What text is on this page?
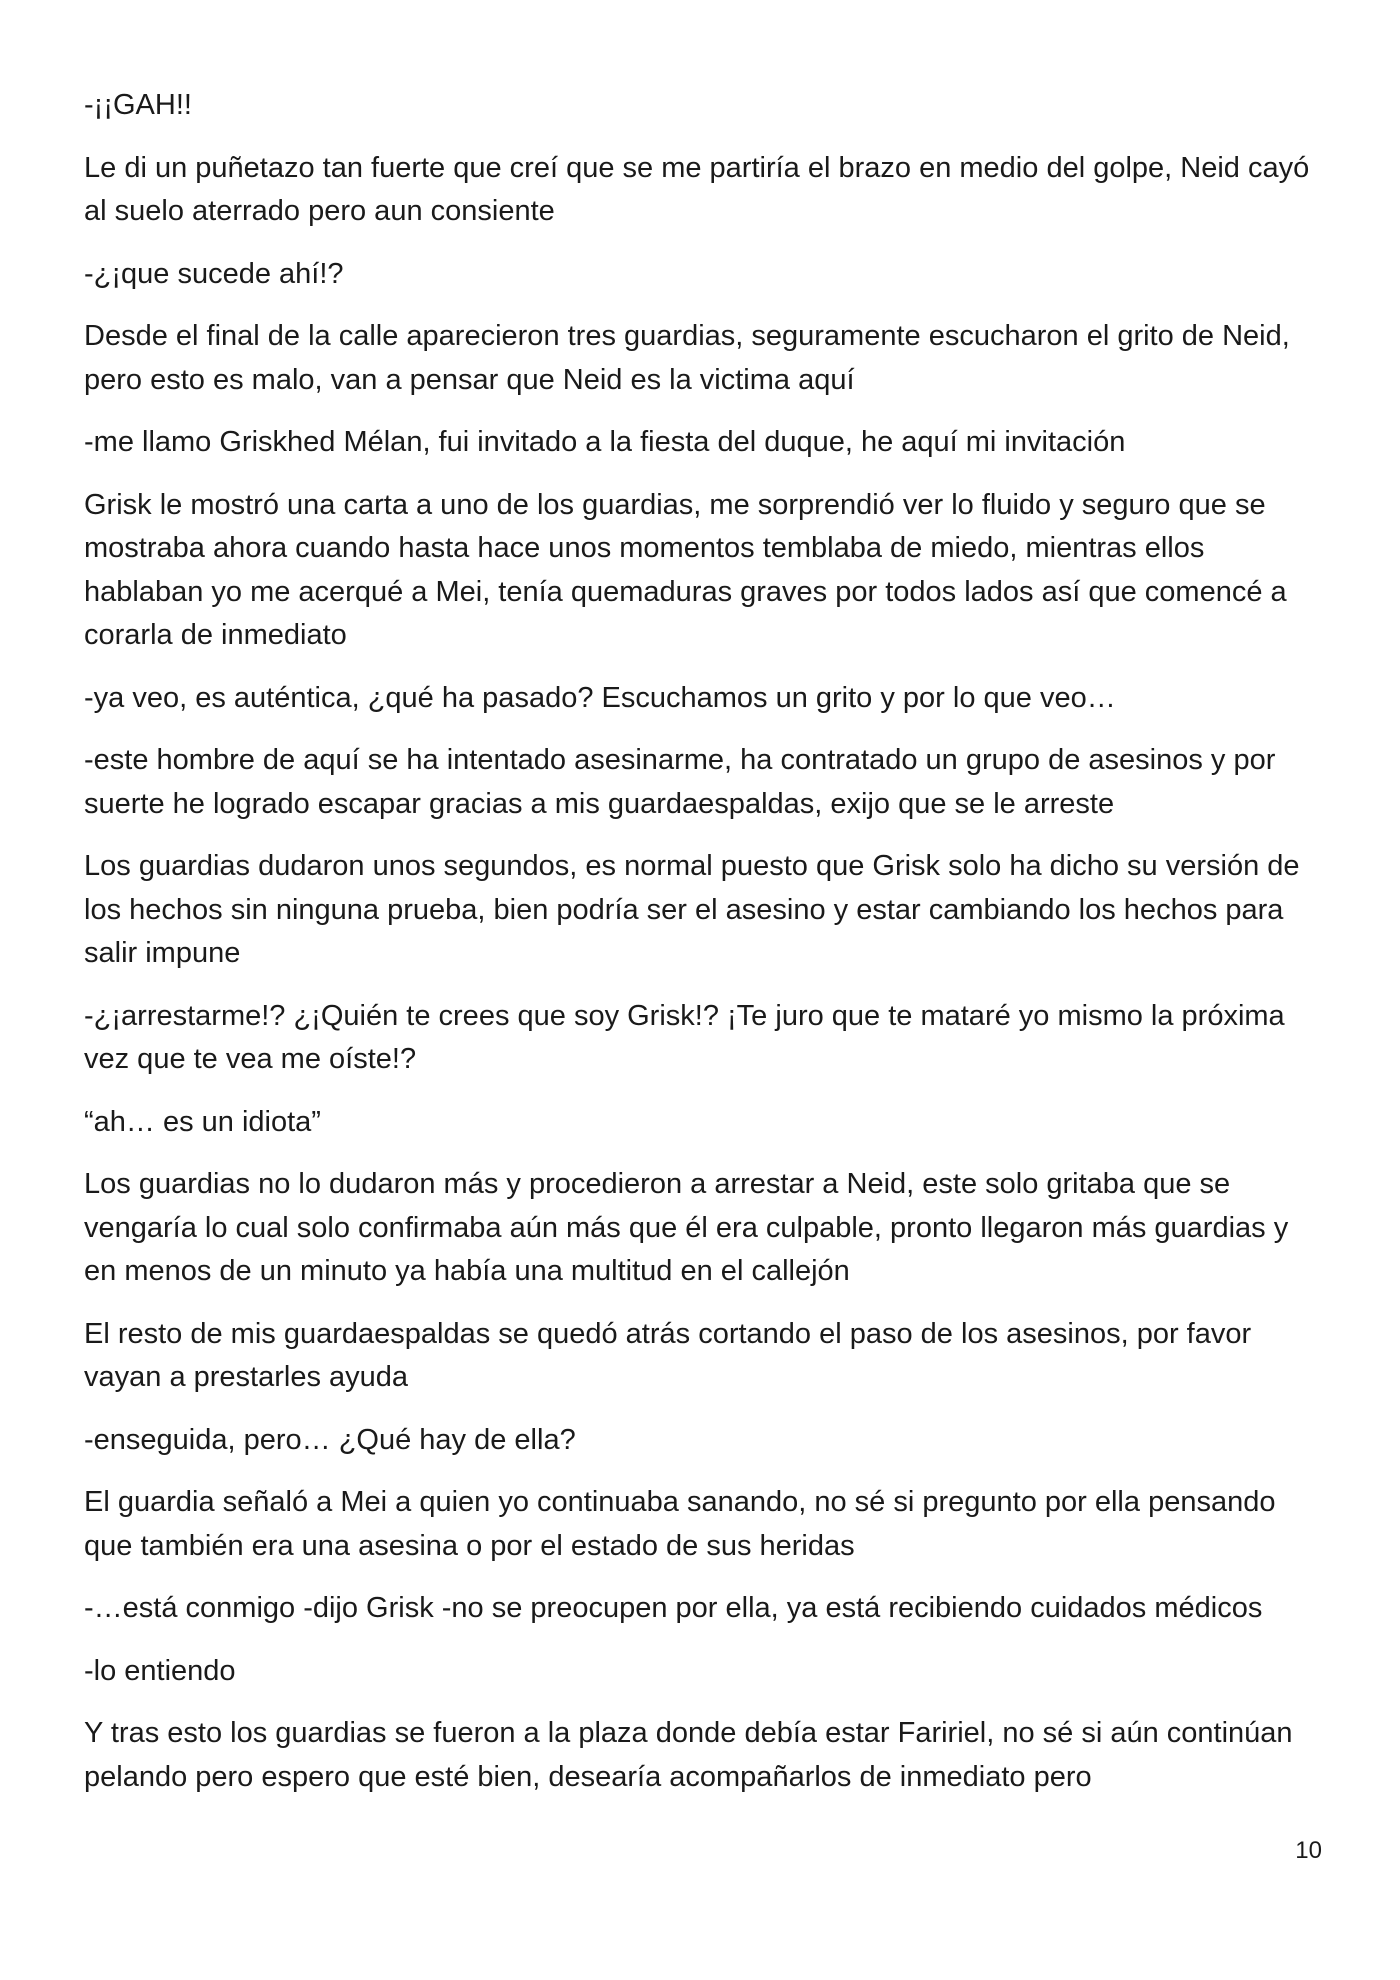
-¡¡GAH!!

Le di un puñetazo tan fuerte que creí que se me partiría el brazo en medio del golpe, Neid cayó al suelo aterrado pero aun consiente

-¿¡que sucede ahí!?

Desde el final de la calle aparecieron tres guardias, seguramente escucharon el grito de Neid, pero esto es malo, van a pensar que Neid es la victima aquí

-me llamo Griskhed Mélan, fui invitado a la fiesta del duque, he aquí mi invitación

Grisk le mostró una carta a uno de los guardias, me sorprendió ver lo fluido y seguro que se mostraba ahora cuando hasta hace unos momentos temblaba de miedo, mientras ellos hablaban yo me acerqué a Mei, tenía quemaduras graves por todos lados así que comencé a corarla de inmediato

-ya veo, es auténtica, ¿qué ha pasado? Escuchamos un grito y por lo que veo…

-este hombre de aquí se ha intentado asesinarme, ha contratado un grupo de asesinos y por suerte he logrado escapar gracias a mis guardaespaldas, exijo que se le arreste

Los guardias dudaron unos segundos, es normal puesto que Grisk solo ha dicho su versión de los hechos sin ninguna prueba, bien podría ser el asesino y estar cambiando los hechos para salir impune

-¿¡arrestarme!? ¿¡Quién te crees que soy Grisk!? ¡Te juro que te mataré yo mismo la próxima vez que te vea me oíste!?

“ah… es un idiota”

Los guardias no lo dudaron más y procedieron a arrestar a Neid, este solo gritaba que se vengaría lo cual solo confirmaba aún más que él era culpable, pronto llegaron más guardias y en menos de un minuto ya había una multitud en el callejón

El resto de mis guardaespaldas se quedó atrás cortando el paso de los asesinos, por favor vayan a prestarles ayuda

-enseguida, pero… ¿Qué hay de ella?

El guardia señaló a Mei a quien yo continuaba sanando, no sé si pregunto por ella pensando que también era una asesina o por el estado de sus heridas

-…está conmigo -dijo Grisk -no se preocupen por ella, ya está recibiendo cuidados médicos

-lo entiendo

Y tras esto los guardias se fueron a la plaza donde debía estar Faririel, no sé si aún continúan pelando pero espero que esté bien, desearía acompañarlos de inmediato pero

10
